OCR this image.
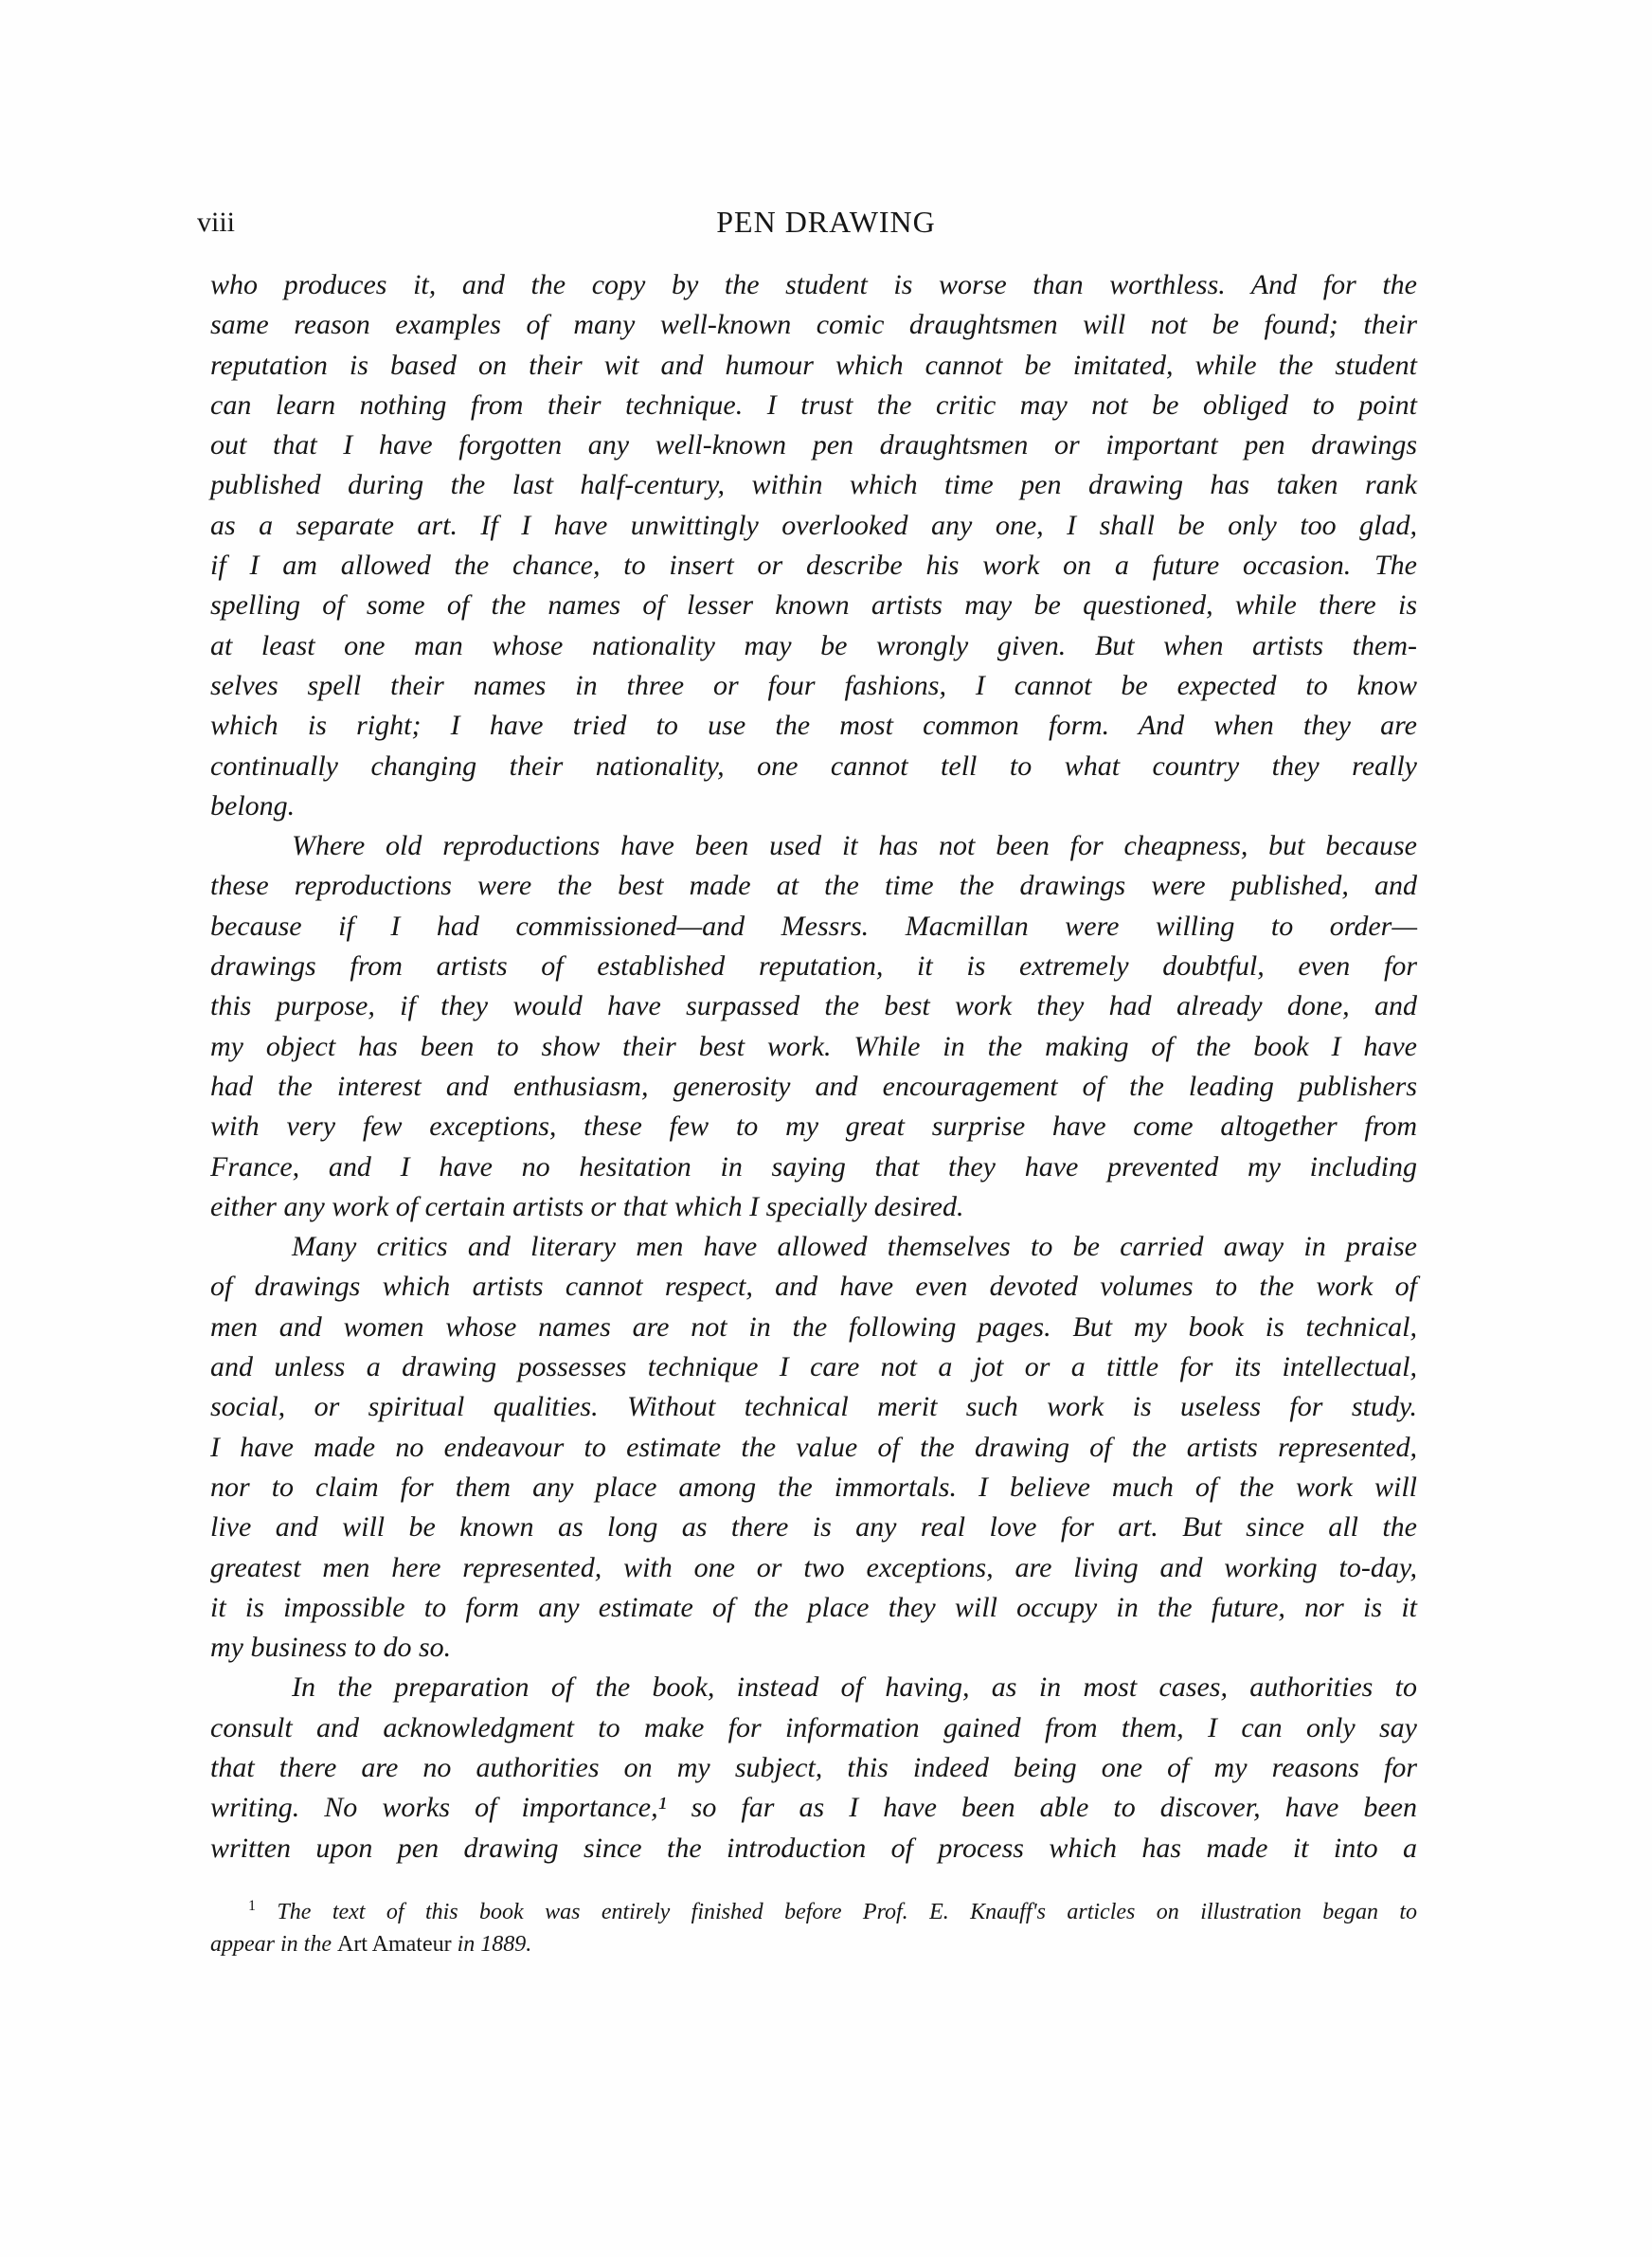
viii	PEN DRAWING
who produces it, and the copy by the student is worse than worthless. And for the
same reason examples of many well-known comic draughtsmen will not be found; their
reputation is based on their wit and humour which cannot be imitated, while the student
can learn nothing from their technique. I trust the critic may not be obliged to point
out that I have forgotten any well-known pen draughtsmen or important pen drawings
published during the last half-century, within which time pen drawing has taken rank
as a separate art. If I have unwittingly overlooked any one, I shall be only too glad,
if I am allowed the chance, to insert or describe his work on a future occasion. The
spelling of some of the names of lesser known artists may be questioned, while there is
at least one man whose nationality may be wrongly given. But when artists them-
selves spell their names in three or four fashions, I cannot be expected to know
which is right; I have tried to use the most common form. And when they are
continually changing their nationality, one cannot tell to what country they really
belong.
Where old reproductions have been used it has not been for cheapness, but because
these reproductions were the best made at the time the drawings were published, and
because if I had commissioned—and Messrs. Macmillan were willing to order—
drawings from artists of established reputation, it is extremely doubtful, even for
this purpose, if they would have surpassed the best work they had already done, and
my object has been to show their best work. While in the making of the book I have
had the interest and enthusiasm, generosity and encouragement of the leading publishers
with very few exceptions, these few to my great surprise have come altogether from
France, and I have no hesitation in saying that they have prevented my including
either any work of certain artists or that which I specially desired.
Many critics and literary men have allowed themselves to be carried away in praise
of drawings which artists cannot respect, and have even devoted volumes to the work of
men and women whose names are not in the following pages. But my book is technical,
and unless a drawing possesses technique I care not a jot or a tittle for its intellectual,
social, or spiritual qualities. Without technical merit such work is useless for study.
I have made no endeavour to estimate the value of the drawing of the artists represented,
nor to claim for them any place among the immortals. I believe much of the work will
live and will be known as long as there is any real love for art. But since all the
greatest men here represented, with one or two exceptions, are living and working to-day,
it is impossible to form any estimate of the place they will occupy in the future, nor is it
my business to do so.
In the preparation of the book, instead of having, as in most cases, authorities to
consult and acknowledgment to make for information gained from them, I can only say
that there are no authorities on my subject, this indeed being one of my reasons for
writing. No works of importance,¹ so far as I have been able to discover, have been
written upon pen drawing since the introduction of process which has made it into a
$^1$ The text of this book was entirely finished before Prof. E. Knauff's articles on illustration began to
appear in the Art Amateur in 1889.
